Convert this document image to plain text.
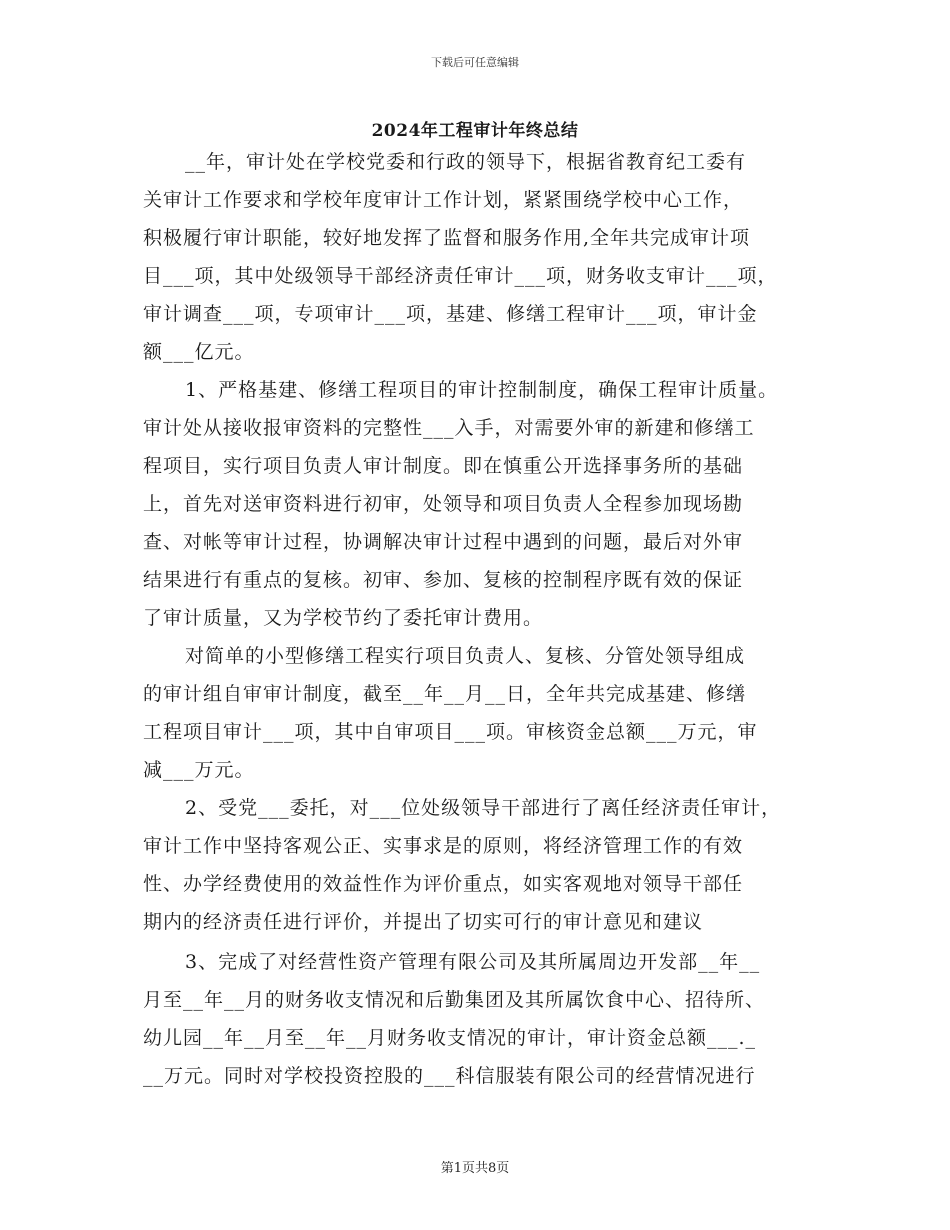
下载后可任意编辑
2024年工程审计年终总结
__年，审计处在学校党委和行政的领导下，根据省教育纪工委有
关审计工作要求和学校年度审计工作计划，紧紧围绕学校中心工作，
积极履行审计职能，较好地发挥了监督和服务作用,全年共完成审计项
目___项，其中处级领导干部经济责任审计___项，财务收支审计___项，
审计调查___项，专项审计___项，基建、修缮工程审计___项，审计金
额___亿元。
1、严格基建、修缮工程项目的审计控制制度，确保工程审计质量。
审计处从接收报审资料的完整性___入手，对需要外审的新建和修缮工
程项目，实行项目负责人审计制度。即在慎重公开选择事务所的基础
上，首先对送审资料进行初审，处领导和项目负责人全程参加现场勘
查、对帐等审计过程，协调解决审计过程中遇到的问题，最后对外审
结果进行有重点的复核。初审、参加、复核的控制程序既有效的保证
了审计质量，又为学校节约了委托审计费用。
对简单的小型修缮工程实行项目负责人、复核、分管处领导组成
的审计组自审审计制度，截至__年__月__日，全年共完成基建、修缮
工程项目审计___项，其中自审项目___项。审核资金总额___万元，审
减___万元。
2、受党___委托，对___位处级领导干部进行了离任经济责任审计，
审计工作中坚持客观公正、实事求是的原则，将经济管理工作的有效
性、办学经费使用的效益性作为评价重点，如实客观地对领导干部任
期内的经济责任进行评价，并提出了切实可行的审计意见和建议
3、完成了对经营性资产管理有限公司及其所属周边开发部__年__
月至__年__月的财务收支情况和后勤集团及其所属饮食中心、招待所、
幼儿园__年__月至__年__月财务收支情况的审计，审计资金总额___._
__万元。同时对学校投资控股的___科信服装有限公司的经营情况进行
第1页共8页
